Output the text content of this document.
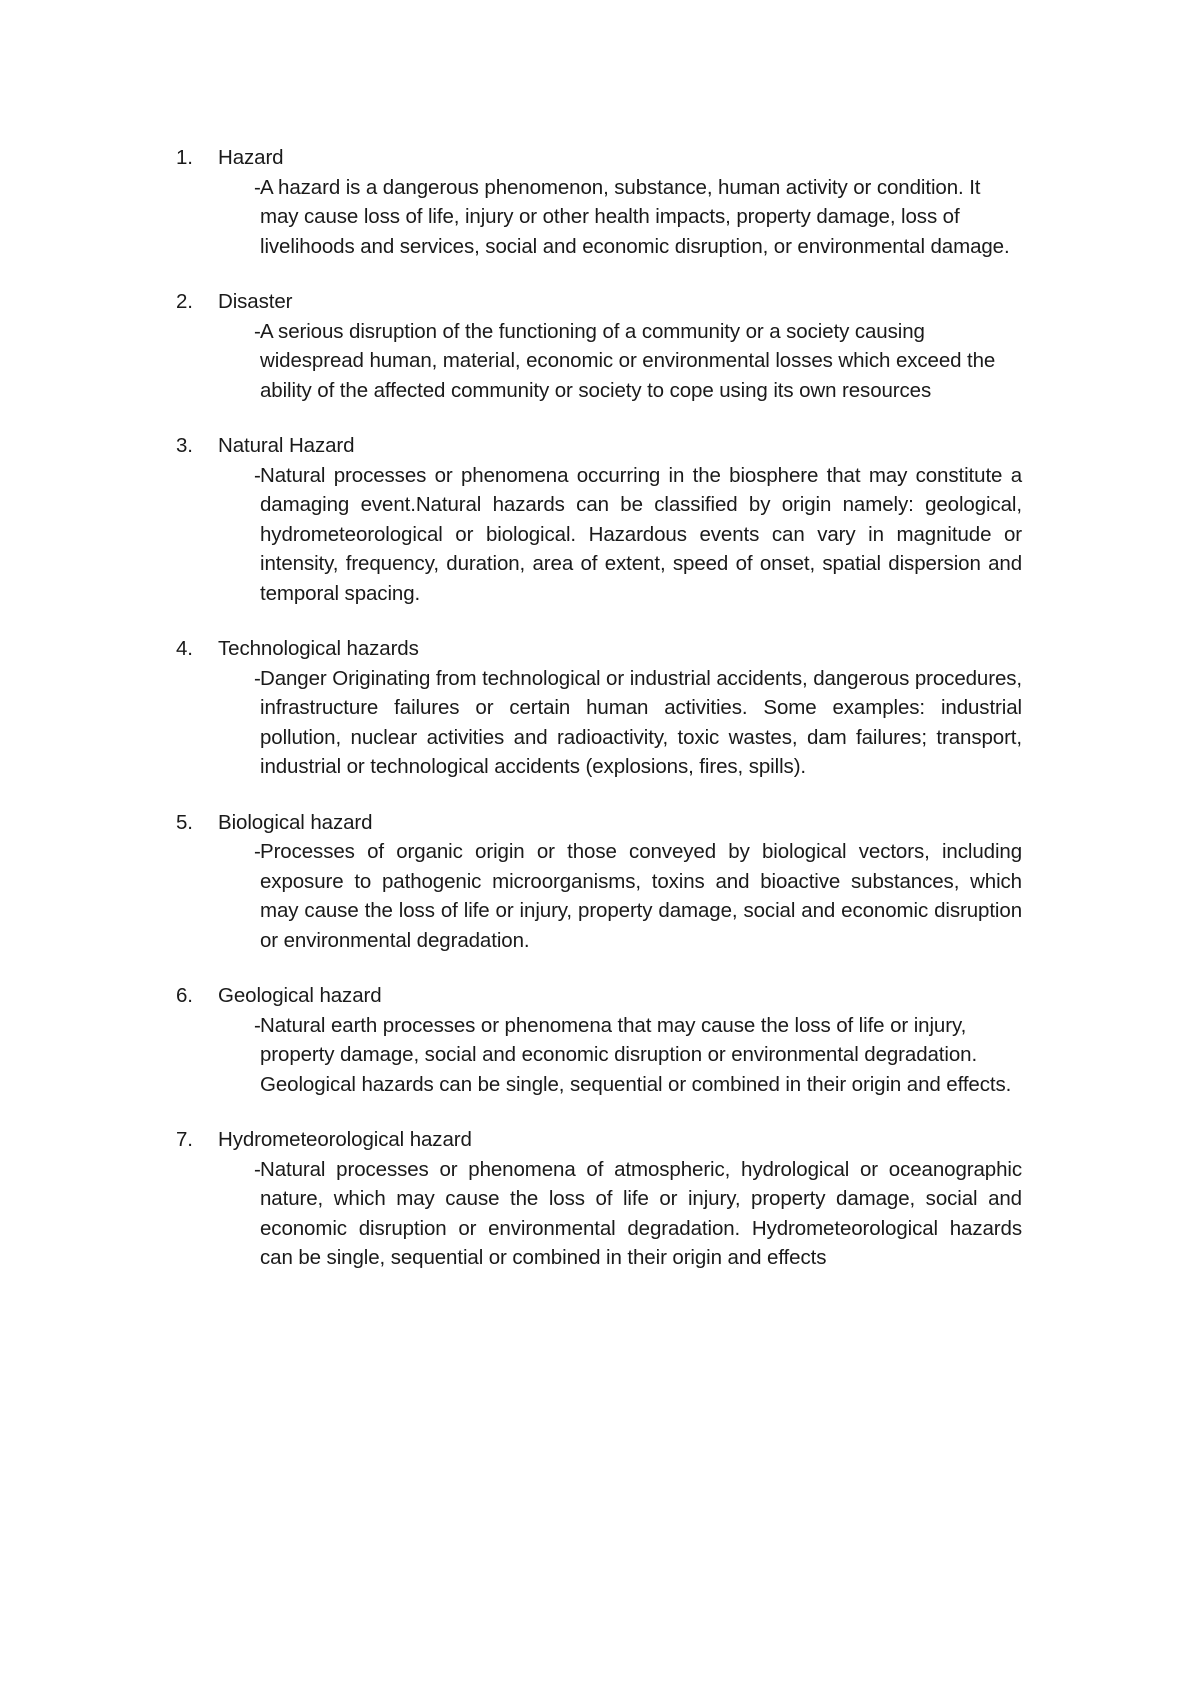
1.	Hazard
- A hazard is a dangerous phenomenon, substance, human activity or condition. It may cause loss of life, injury or other health impacts, property damage, loss of livelihoods and services, social and economic disruption, or environmental damage.
2.	Disaster
- A serious disruption of the functioning of a community or a society causing widespread human, material, economic or environmental losses which exceed the ability of the affected community or society to cope using its own resources
3.	Natural Hazard
- Natural processes or phenomena occurring in the biosphere that may constitute a damaging event.Natural hazards can be classified by origin namely: geological, hydrometeorological or biological. Hazardous events can vary in magnitude or intensity, frequency, duration, area of extent, speed of onset, spatial dispersion and temporal spacing.
4.	Technological hazards
- Danger Originating from technological or industrial accidents, dangerous procedures, infrastructure failures or certain human activities. Some examples: industrial pollution, nuclear activities and radioactivity, toxic wastes, dam failures; transport, industrial or technological accidents (explosions, fires, spills).
5.	Biological hazard
- Processes of organic origin or those conveyed by biological vectors, including exposure to pathogenic microorganisms, toxins and bioactive substances, which may cause the loss of life or injury, property damage, social and economic disruption or environmental degradation.
6.	Geological hazard
- Natural earth processes or phenomena that may cause the loss of life or injury, property damage, social and economic disruption or environmental degradation. Geological hazards can be single, sequential or combined in their origin and effects.
7.	Hydrometeorological hazard
- Natural processes or phenomena of atmospheric, hydrological or oceanographic nature, which may cause the loss of life or injury, property damage, social and economic disruption or environmental degradation. Hydrometeorological hazards can be single, sequential or combined in their origin and effects
